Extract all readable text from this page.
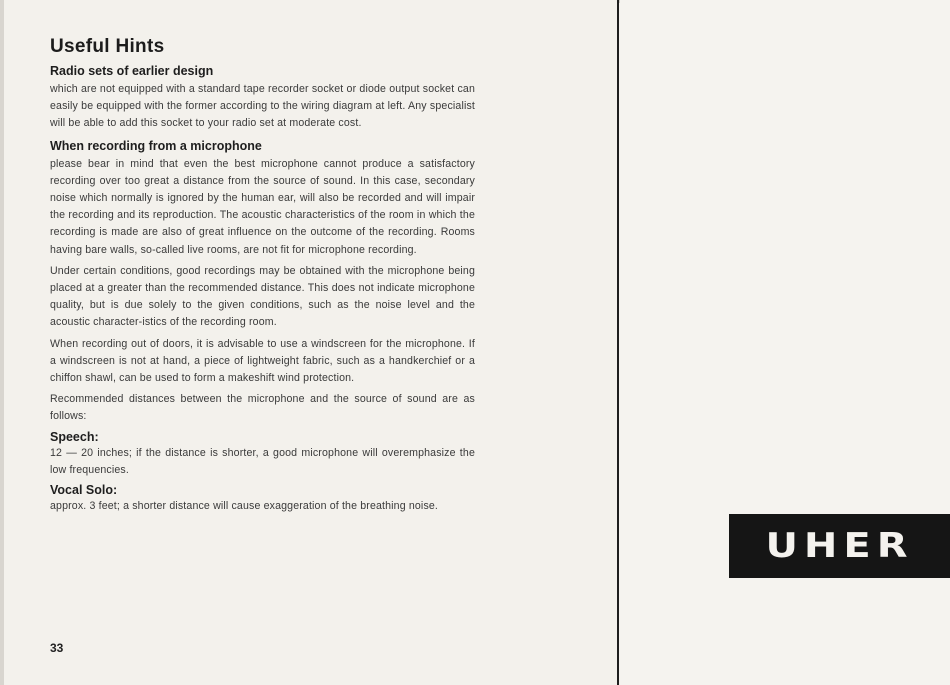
Useful Hints
Radio sets of earlier design

which are not equipped with a standard tape recorder socket or diode output socket can easily be equipped with the former according to the wiring diagram at left. Any specialist will be able to add this socket to your radio set at moderate cost.

When recording from a microphone

please bear in mind that even the best microphone cannot produce a satisfactory recording over too great a distance from the source of sound. In this case, secondary noise which normally is ignored by the human ear, will also be recorded and will impair the recording and its reproduction. The acoustic characteristics of the room in which the recording is made are also of great influence on the outcome of the recording. Rooms having bare walls, so-called live rooms, are not fit for microphone recording.

Under certain conditions, good recordings may be obtained with the microphone being placed at a greater than the recommended distance. This does not indicate microphone quality, but is due solely to the given conditions, such as the noise level and the acoustic character-istics of the recording room.

When recording out of doors, it is advisable to use a windscreen for the microphone. If a windscreen is not at hand, a piece of lightweight fabric, such as a handkerchief or a chiffon shawl, can be used to form a makeshift wind protection.

Recommended distances between the microphone and the source of sound are as follows:

Speech:

12 — 20 inches; if the distance is shorter, a good microphone will overemphasize the low frequencies.

Vocal Solo:

approx. 3 feet; a shorter distance will cause exaggeration of the breathing noise.

33
UHER
